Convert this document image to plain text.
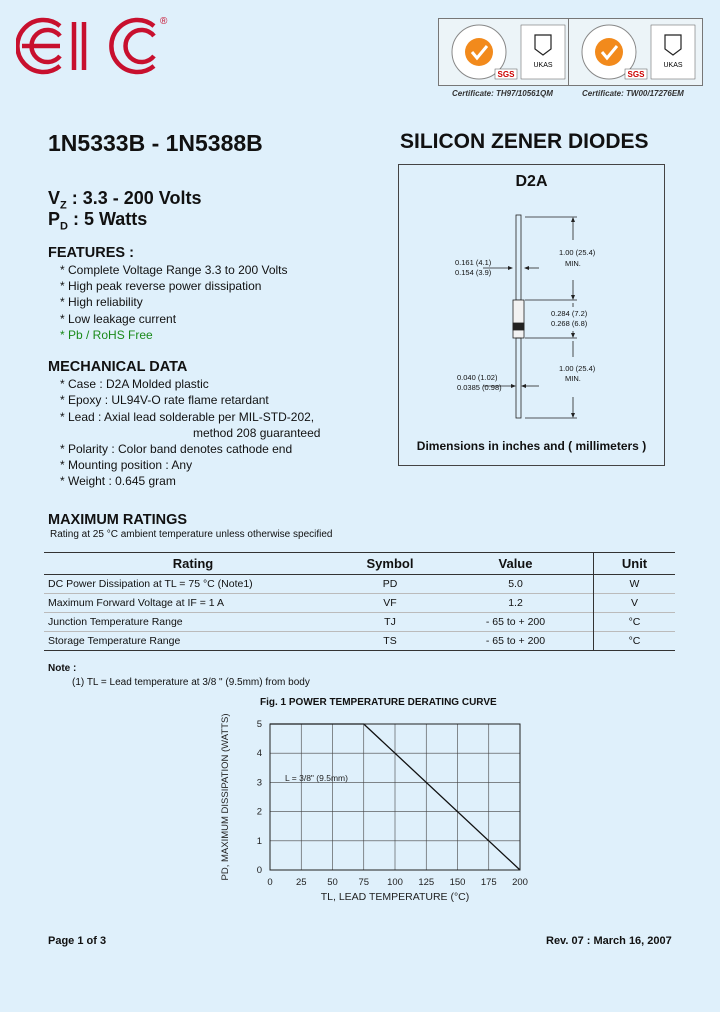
®
SGS
UKAS
SGS
UKAS
Certificate: TH97/10561QM	Certificate: TW00/17276EM
1N5333B - 1N5388B	SILICON ZENER DIODES
$V_Z$ : 3.3 - 200 Volts
$P_D$ : 5 Watts
FEATURES :
* Complete Voltage Range 3.3 to 200 Volts
* High peak reverse power dissipation
* High reliability
* Low leakage current
* Pb / RoHS Free
MECHANICAL DATA
* Case : D2A Molded plastic
* Epoxy : UL94V-O rate flame retardant
* Lead : Axial lead solderable per MIL-STD-202,
method 208 guaranteed
* Polarity : Color band denotes cathode end
* Mounting position : Any
* Weight : 0.645 gram
D2A
0.161 (4.1)
0.154 (3.9)
1.00 (25.4)
MIN.
0.284 (7.2)
0.268 (6.8)
1.00 (25.4)
MIN.
0.040 (1.02)
0.0385 (0.98)
Dimensions in inches and ( millimeters )
MAXIMUM RATINGS
Rating at 25 °C ambient temperature unless otherwise specified
Rating	Symbol	Value	Unit
DC Power Dissipation at TL = 75 °C (Note1)	PD	5.0	W
Maximum Forward Voltage at IF = 1 A	VF	1.2	V
Junction Temperature Range	TJ	- 65 to + 200	°C
Storage Temperature Range	TS	- 65 to + 200	°C
Note :
(1) TL = Lead temperature at 3/8 " (9.5mm) from body
Fig. 1 POWER TEMPERATURE DERATING CURVE
0 25 50 75 100 125 150 175 200
0
1
2
3
4
5
L = 3/8" (9.5mm)
TL, LEAD TEMPERATURE (°C)
PD, MAXIMUM DISSIPATION (WATTS)
Page 1 of 3	Rev. 07 : March 16, 2007
